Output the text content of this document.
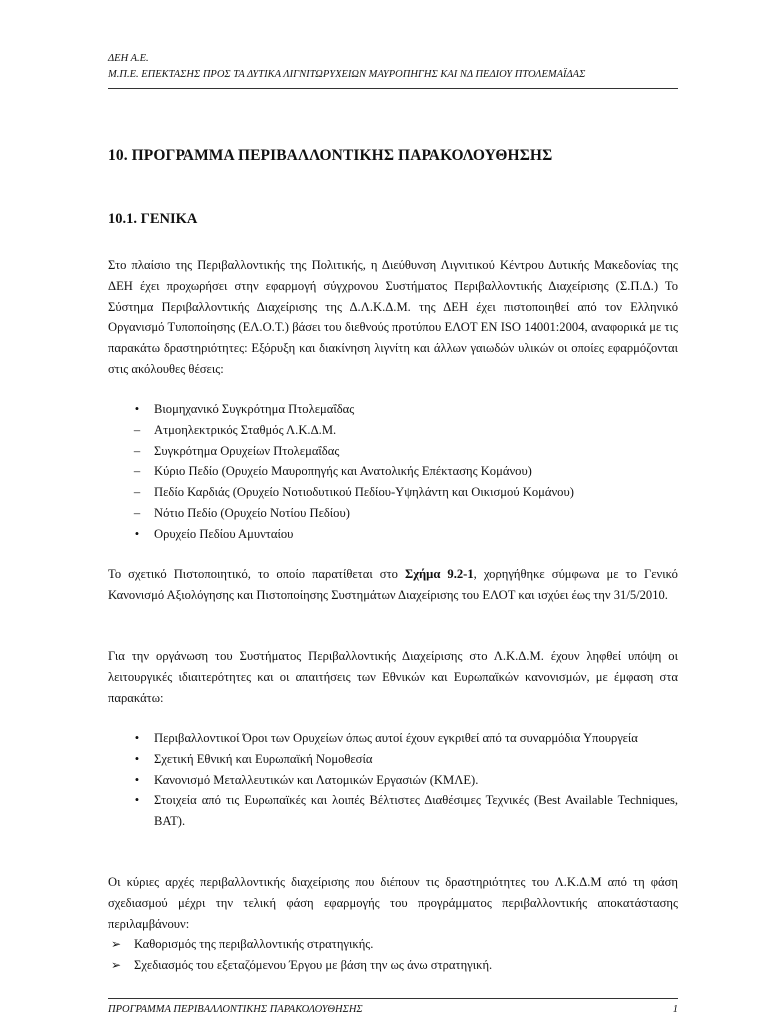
ΔΕΗ Α.Ε.
Μ.Π.Ε. ΕΠΕΚΤΑΣΗΣ ΠΡΟΣ ΤΑ ΔΥΤΙΚΑ ΛΙΓΝΙΤΩΡΥΧΕΙΩΝ ΜΑΥΡΟΠΗΓΗΣ ΚΑΙ ΝΔ ΠΕΔΙΟΥ ΠΤΟΛΕΜΑΪΔΑΣ
10. ΠΡΟΓΡΑΜΜΑ ΠΕΡΙΒΑΛΛΟΝΤΙΚΗΣ ΠΑΡΑΚΟΛΟΥΘΗΣΗΣ
10.1. ΓΕΝΙΚΑ

Στο πλαίσιο της Περιβαλλοντικής της Πολιτικής, η Διεύθυνση Λιγνιτικού Κέντρου Δυτικής Μακεδονίας της ΔΕΗ έχει προχωρήσει στην εφαρμογή σύγχρονου Συστήματος Περιβαλλοντικής Διαχείρισης (Σ.Π.Δ.) Το Σύστημα Περιβαλλοντικής Διαχείρισης της Δ.Λ.Κ.Δ.Μ. της ΔΕΗ έχει πιστοποιηθεί από τον Ελληνικό Οργανισμό Τυποποίησης (ΕΛ.Ο.Τ.) βάσει του διεθνούς προτύπου ΕΛΟΤ ΕΝ ISO 14001:2004, αναφορικά με τις παρακάτω δραστηριότητες: Εξόρυξη και διακίνηση λιγνίτη και άλλων γαιωδών υλικών οι οποίες εφαρμόζονται στις ακόλουθες θέσεις:

•	Βιομηχανικό Συγκρότημα Πτολεμαΐδας
–	Ατμοηλεκτρικός Σταθμός Λ.Κ.Δ.Μ.
–	Συγκρότημα Ορυχείων Πτολεμαΐδας
–	Κύριο Πεδίο (Ορυχείο Μαυροπηγής και Ανατολικής Επέκτασης Κομάνου)
–	Πεδίο Καρδιάς (Ορυχείο Νοτιοδυτικού Πεδίου-Υψηλάντη και Οικισμού Κομάνου)
–	Νότιο Πεδίο (Ορυχείο Νοτίου Πεδίου)
•	Ορυχείο Πεδίου Αμυνταίου

Το σχετικό Πιστοποιητικό, το οποίο παρατίθεται στο Σχήμα 9.2-1, χορηγήθηκε σύμφωνα με το Γενικό Κανονισμό Αξιολόγησης και Πιστοποίησης Συστημάτων Διαχείρισης του ΕΛΟΤ και ισχύει έως την 31/5/2010.

Για την οργάνωση του Συστήματος Περιβαλλοντικής Διαχείρισης στο Λ.Κ.Δ.Μ. έχουν ληφθεί υπόψη οι λειτουργικές ιδιαιτερότητες και οι απαιτήσεις των Εθνικών και Ευρωπαϊκών κανονισμών, με έμφαση στα παρακάτω:

•	Περιβαλλοντικοί Όροι των Ορυχείων όπως αυτοί έχουν εγκριθεί από τα συναρμόδια Υπουργεία
•	Σχετική Εθνική και Ευρωπαϊκή Νομοθεσία
•	Κανονισμό Μεταλλευτικών και Λατομικών Εργασιών (ΚΜΛΕ).
•	Στοιχεία από τις Ευρωπαϊκές και λοιπές Βέλτιστες Διαθέσιμες Τεχνικές (Best Available Techniques, BAT).

Οι κύριες αρχές περιβαλλοντικής διαχείρισης που διέπουν τις δραστηριότητες του Λ.Κ.Δ.Μ από τη φάση σχεδιασμού μέχρι την τελική φάση εφαρμογής του προγράμματος περιβαλλοντικής αποκατάστασης περιλαμβάνουν:

➢ Καθορισμός της περιβαλλοντικής στρατηγικής.
➢ Σχεδιασμός του εξεταζόμενου Έργου με βάση την ως άνω στρατηγική.
ΠΡΟΓΡΑΜΜΑ ΠΕΡΙΒΑΛΛΟΝΤΙΚΗΣ ΠΑΡΑΚΟΛΟΥΘΗΣΗΣ	1
